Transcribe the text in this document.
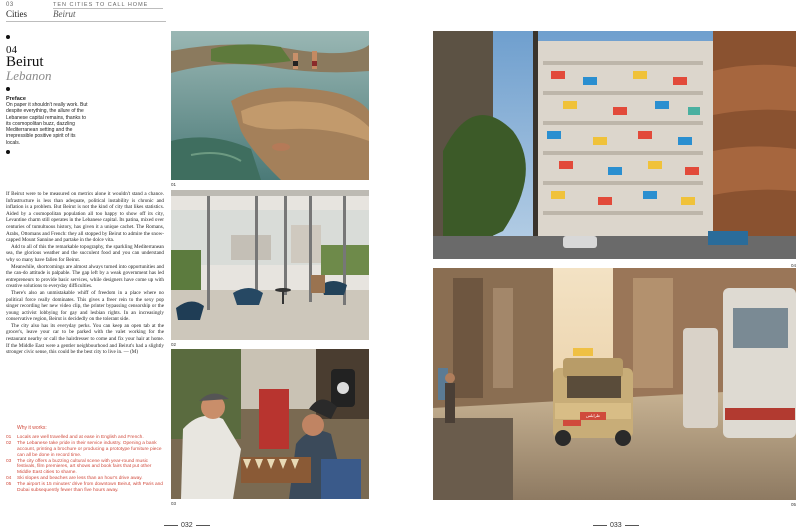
03
Cities
TEN CITIES TO CALL HOME
Beirut
04
Beirut
Lebanon
Preface
On paper it shouldn't really work. But despite everything, the allure of the Lebanese capital remains, thanks to its cosmopolitan buzz, dazzling Mediterranean setting and the irrepressible positive spirit of its locals.

If Beirut were to be measured on metrics alone it wouldn't stand a chance. Infrastructure is less than adequate, political instability is chronic and inflation is a problem. But Beirut is not the kind of city that likes statistics. Aided by a cosmopolitan population all too happy to show off its city, Levantine charm still operates in the Lebanese capital. Its patina, mixed over centuries of tumultuous history, has given it a unique cachet. The Romans, Arabs, Ottomans and French: they all stopped by Beirut to admire the snow-capped Mount Sannine and partake in the dolce vita.

Add to all of this the remarkable topography, the sparkling Mediterranean sea, the glorious weather and the succulent food and you can understand why so many have fallen for Beirut.

Meanwhile, shortcomings are almost always turned into opportunities and the can-do attitude is palpable. The gap left by a weak government has led entrepreneurs to provide basic services, while designers have come up with creative solutions to everyday difficulties.

There's also an unmistakable whiff of freedom in a place where no political force really dominates. This gives a freer rein to the sexy pop singer recording her new video clip, the printer bypassing censorship or the young activist lobbying for gay and lesbian rights. In an increasingly conservative region, Beirut is decidedly on the tolerant side.

The city also has its everyday perks. You can keep an open tab at the grocer's, leave your car to be parked with the valet working for the restaurant nearby or call the hairdresser to come and fix your hair at home. If the Middle East were a gentler neighbourhood and Beirut's had a slightly stronger civic sense, this could be the best city to live in. — (M)

Why it works:
01	Locals are well travelled and at ease in English and French.
02	The Lebanese take pride in their service industry. Opening a bank account, printing a brochure or producing a prototype furniture piece can all be done in record time.
03	The city offers a buzzing cultural scene with year-round music festivals, film premieres, art shows and book fairs that put other Middle East cities to shame.
04	Ski slopes and beaches are less than an hour's drive away.
05	The airport is 15 minutes' drive from downtown Beirut, with Paris and Dubai subsequently fewer than five hours away.
01
02
03
04
طرابلس
05
032	033
